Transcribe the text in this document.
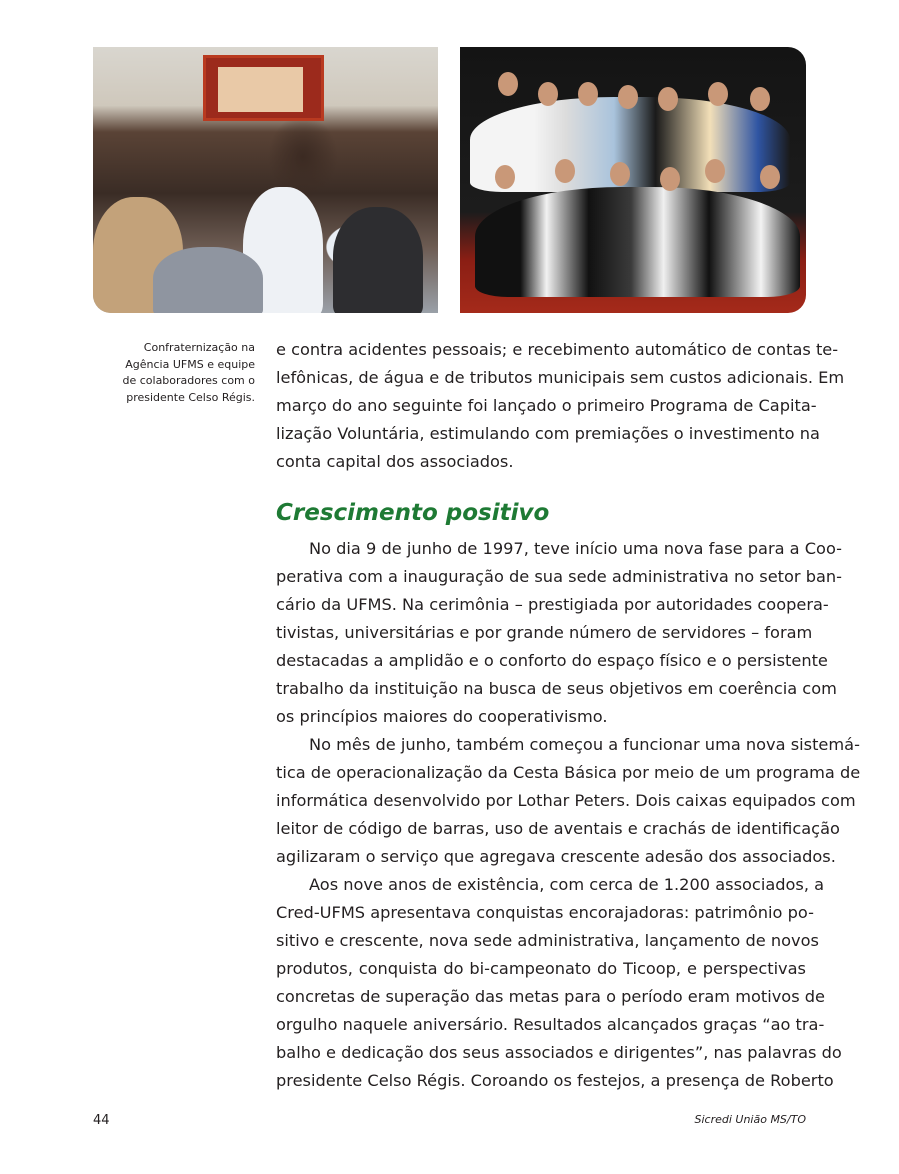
Confraternização na
Agência UFMS e equipe
de colaboradores com o
presidente Celso Régis.
e contra acidentes pessoais; e recebimento automático de contas te-
lefônicas, de água e de tributos municipais sem custos adicionais. Em
março do ano seguinte foi lançado o primeiro Programa de Capita-
lização Voluntária, estimulando com premiações o investimento na
conta capital dos associados.
Crescimento positivo
No dia 9 de junho de 1997, teve início uma nova fase para a Coo-
perativa com a inauguração de sua sede administrativa no setor ban-
cário da UFMS. Na cerimônia – prestigiada por autoridades coopera-
tivistas, universitárias e por grande número de servidores – foram
destacadas a amplidão e o conforto do espaço físico e o persistente
trabalho da instituição na busca de seus objetivos em coerência com
os princípios maiores do cooperativismo.
No mês de junho, também começou a funcionar uma nova sistemá-
tica de operacionalização da Cesta Básica por meio de um programa de
informática desenvolvido por Lothar Peters. Dois caixas equipados com
leitor de código de barras, uso de aventais e crachás de identificação
agilizaram o serviço que agregava crescente adesão dos associados.
Aos nove anos de existência, com cerca de 1.200 associados, a
Cred-UFMS apresentava conquistas encorajadoras: patrimônio po-
sitivo e crescente, nova sede administrativa, lançamento de novos
produtos, conquista do bi-campeonato do Ticoop, e perspectivas
concretas de superação das metas para o período eram motivos de
orgulho naquele aniversário. Resultados alcançados graças “ao tra-
balho e dedicação dos seus associados e dirigentes”, nas palavras do
presidente Celso Régis. Coroando os festejos, a presença de Roberto
44	Sicredi União MS/TO
